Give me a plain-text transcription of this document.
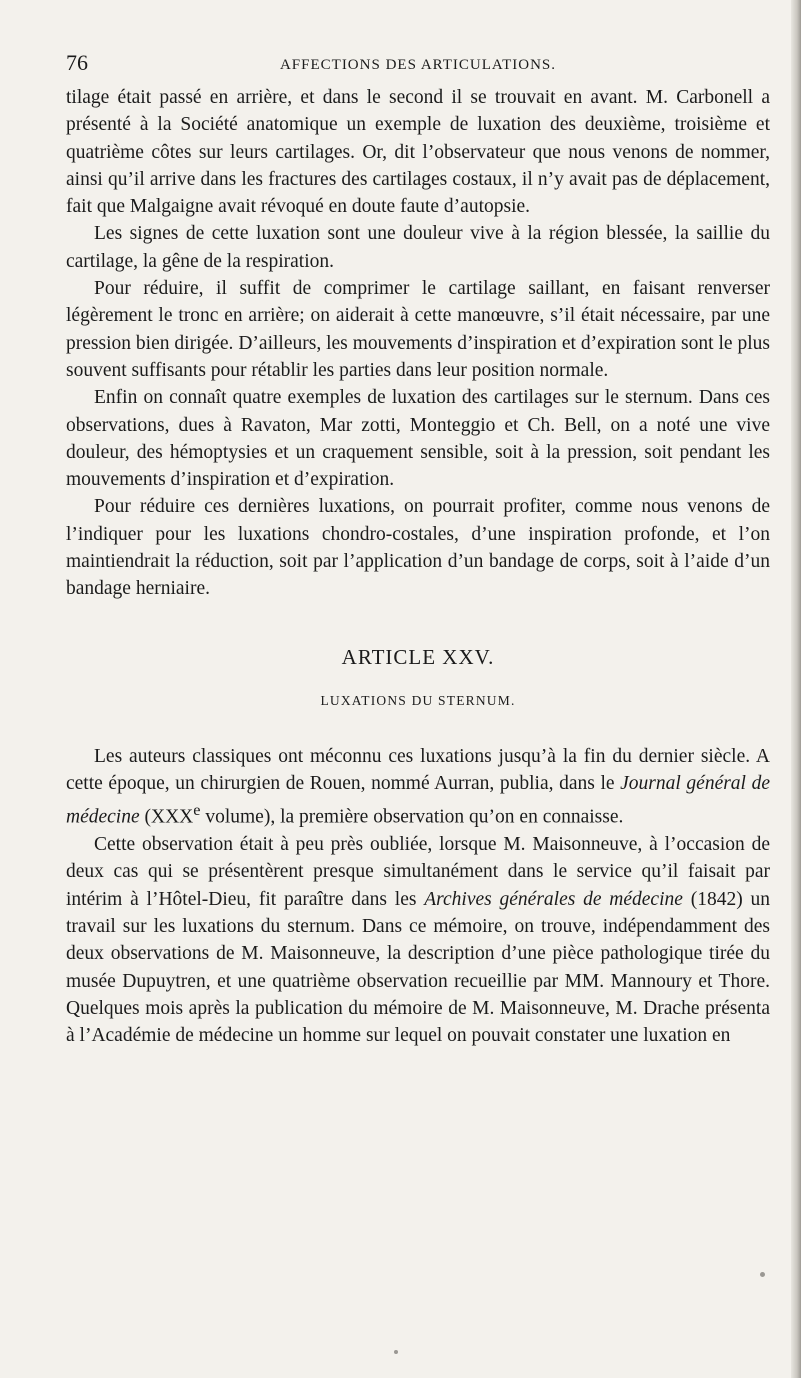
76	AFFECTIONS DES ARTICULATIONS.

tilage était passé en arrière, et dans le second il se trouvait en avant. M. Carbonell a présenté à la Société anatomique un exemple de luxation des deuxième, troisième et quatrième côtes sur leurs cartilages. Or, dit l’observateur que nous venons de nommer, ainsi qu’il arrive dans les fractures des cartilages costaux, il n’y avait pas de déplacement, fait que Malgaigne avait révoqué en doute faute d’autopsie.

Les signes de cette luxation sont une douleur vive à la région blessée, la saillie du cartilage, la gêne de la respiration.

Pour réduire, il suffit de comprimer le cartilage saillant, en faisant renverser légèrement le tronc en arrière; on aiderait à cette manœuvre, s’il était nécessaire, par une pression bien dirigée. D’ailleurs, les mouvements d’inspiration et d’expiration sont le plus souvent suffisants pour rétablir les parties dans leur position normale.

Enfin on connaît quatre exemples de luxation des cartilages sur le sternum. Dans ces observations, dues à Ravaton, Mar zotti, Monteggio et Ch. Bell, on a noté une vive douleur, des hémoptysies et un craquement sensible, soit à la pression, soit pendant les mouvements d’inspiration et d’expiration.

Pour réduire ces dernières luxations, on pourrait profiter, comme nous venons de l’indiquer pour les luxations chondro-costales, d’une inspiration profonde, et l’on maintiendrait la réduction, soit par l’application d’un bandage de corps, soit à l’aide d’un bandage herniaire.

ARTICLE XXV.
LUXATIONS DU STERNUM.

Les auteurs classiques ont méconnu ces luxations jusqu’à la fin du dernier siècle. A cette époque, un chirurgien de Rouen, nommé Aurran, publia, dans le Journal général de médecine (XXXe volume), la première observation qu’on en connaisse.

Cette observation était à peu près oubliée, lorsque M. Maisonneuve, à l’occasion de deux cas qui se présentèrent presque simultanément dans le service qu’il faisait par intérim à l’Hôtel-Dieu, fit paraître dans les Archives générales de médecine (1842) un travail sur les luxations du sternum. Dans ce mémoire, on trouve, indépendamment des deux observations de M. Maisonneuve, la description d’une pièce pathologique tirée du musée Dupuytren, et une quatrième observation recueillie par MM. Mannoury et Thore. Quelques mois après la publication du mémoire de M. Maisonneuve, M. Drache présenta à l’Académie de médecine un homme sur lequel on pouvait constater une luxation en
